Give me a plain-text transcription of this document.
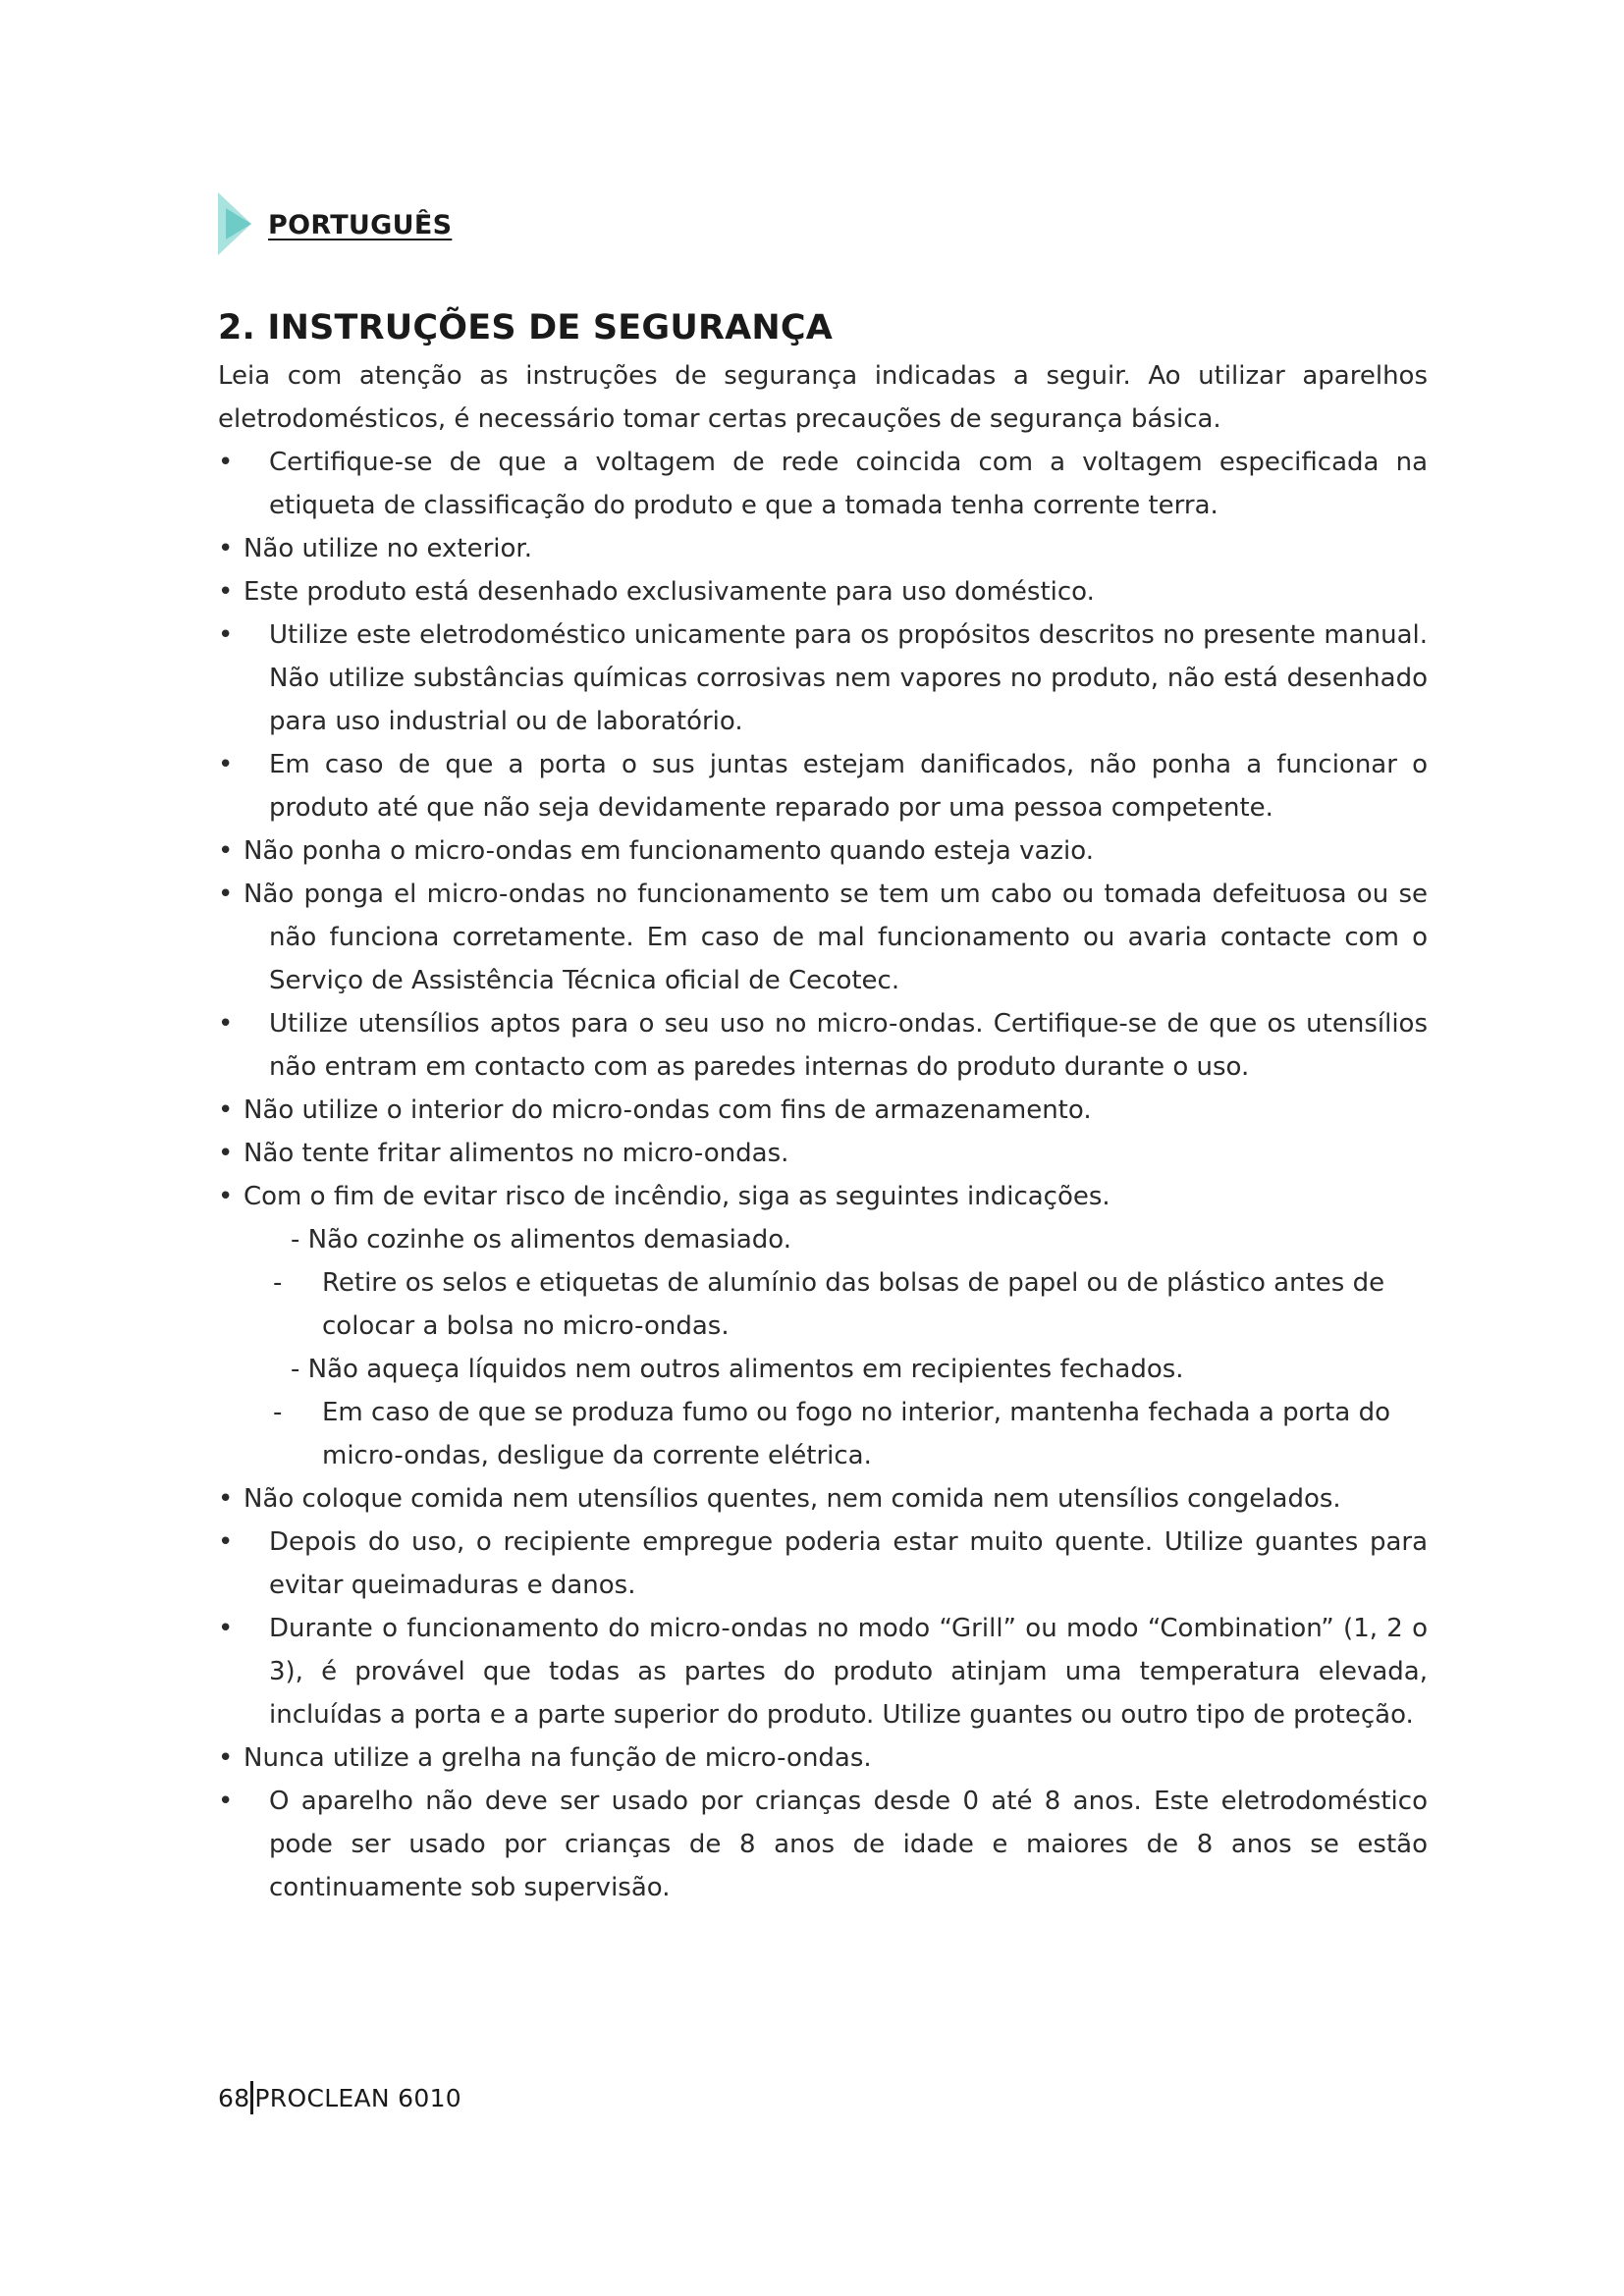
PORTUGUÊS
2. INSTRUÇÕES DE SEGURANÇA

Leia com atenção as instruções de segurança indicadas a seguir. Ao utilizar aparelhos eletrodomésticos, é necessário tomar certas precauções de segurança básica.

• Certifique-se de que a voltagem de rede coincida com a voltagem especificada na etiqueta de classificação do produto e que a tomada tenha corrente terra.
• Não utilize no exterior.
• Este produto está desenhado exclusivamente para uso doméstico.
• Utilize este eletrodoméstico unicamente para os propósitos descritos no presente manual. Não utilize substâncias químicas corrosivas nem vapores no produto, não está desenhado para uso industrial ou de laboratório.
• Em caso de que a porta o sus juntas estejam danificados, não ponha a funcionar o produto até que não seja devidamente reparado por uma pessoa competente.
• Não ponha o micro-ondas em funcionamento quando esteja vazio.
• Não ponga el micro-ondas no funcionamento se tem um cabo ou tomada defeituosa ou se não funciona corretamente. Em caso de mal funcionamento ou avaria contacte com o Serviço de Assistência Técnica oficial de Cecotec.
• Utilize utensílios aptos para o seu uso no micro-ondas. Certifique-se de que os utensílios não entram em contacto com as paredes internas do produto durante o uso.
• Não utilize o interior do micro-ondas com fins de armazenamento.
• Não tente fritar alimentos no micro-ondas.
• Com o fim de evitar risco de incêndio, siga as seguintes indicações.
- Não cozinhe os alimentos demasiado.
- Retire os selos e etiquetas de alumínio das bolsas de papel ou de plástico antes de colocar a bolsa no micro-ondas.
- Não aqueça líquidos nem outros alimentos em recipientes fechados.
- Em caso de que se produza fumo ou fogo no interior, mantenha fechada a porta do micro-ondas, desligue da corrente elétrica.
• Não coloque comida nem utensílios quentes, nem comida nem utensílios congelados.
• Depois do uso, o recipiente empregue poderia estar muito quente. Utilize guantes para evitar queimaduras e danos.
• Durante o funcionamento do micro-ondas no modo “Grill” ou modo “Combination” (1, 2 o 3), é provável que todas as partes do produto atinjam uma temperatura elevada, incluídas a porta e a parte superior do produto. Utilize guantes ou outro tipo de proteção.
• Nunca utilize a grelha na função de micro-ondas.
• O aparelho não deve ser usado por crianças desde 0 até 8 anos. Este eletrodoméstico pode ser usado por crianças de 8 anos de idade e maiores de 8 anos se estão continuamente sob supervisão.
68 PROCLEAN 6010
